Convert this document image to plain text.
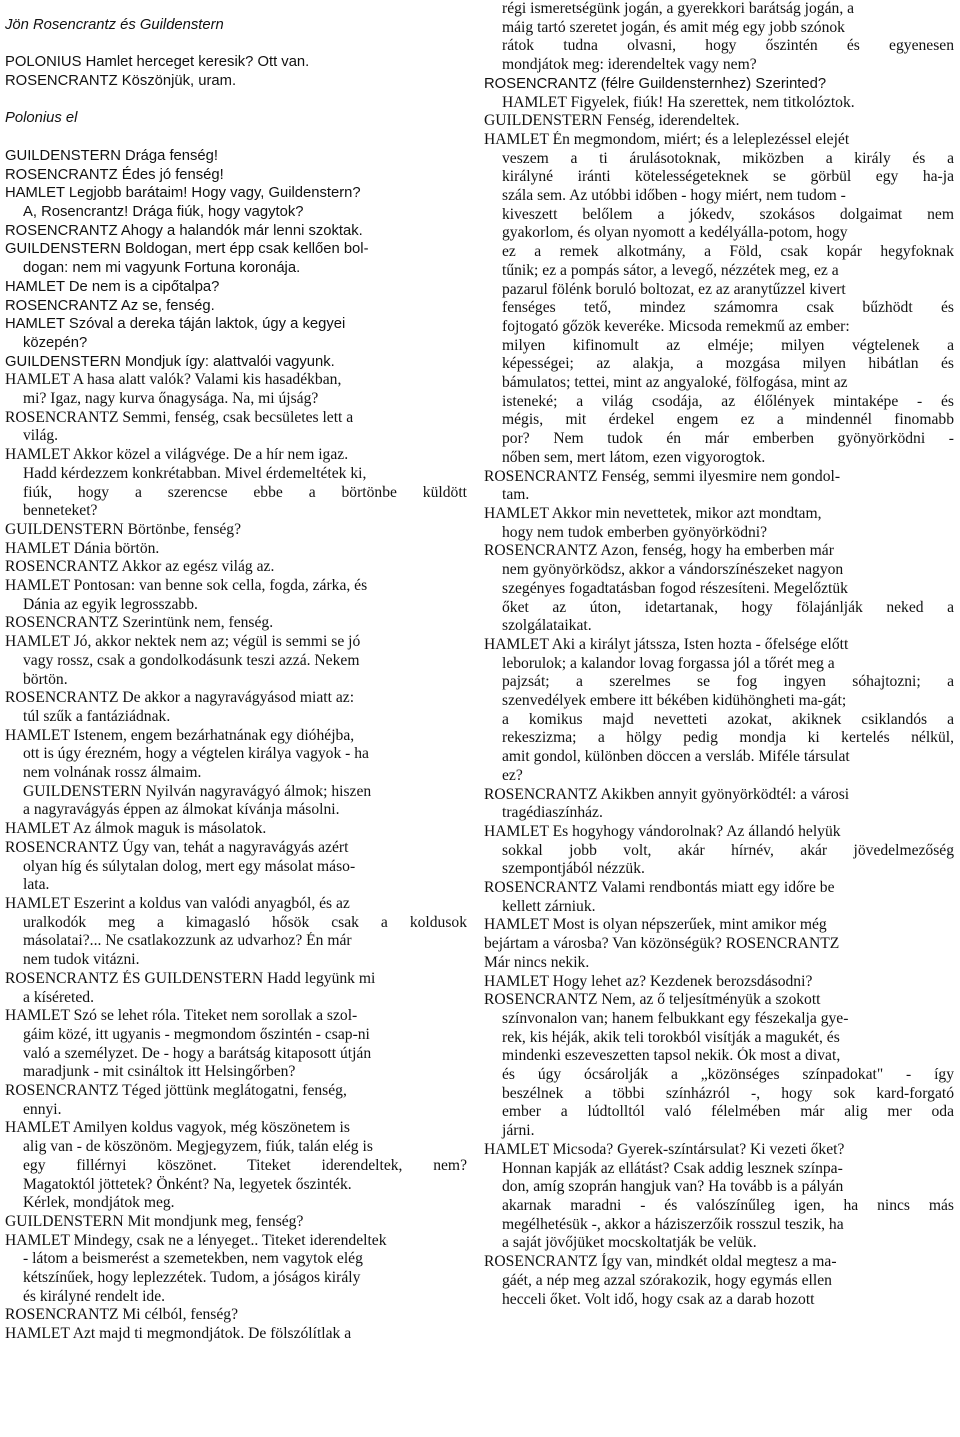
Jön Rosencrantz és Guildenstern
POLONIUS Hamlet herceget keresik? Ott van.
ROSENCRANTZ Köszönjük, uram.
Polonius el
GUILDENSTERN Drága fenség!
ROSENCRANTZ Édes jó fenség!
HAMLET Legjobb barátaim! Hogy vagy, Guildenstern?
A, Rosencrantz! Drága fiúk, hogy vagytok?
ROSENCRANTZ Ahogy a halandók már lenni szoktak.
GUILDENSTERN Boldogan, mert épp csak kellően bol-
dogan: nem mi vagyunk Fortuna koronája.
HAMLET De nem is a cipőtalpa?
ROSENCRANTZ Az se, fenség.
HAMLET Szóval a dereka táján laktok, úgy a kegyei
közepén?
GUILDENSTERN Mondjuk így: alattvalói vagyunk.
HAMLET A hasa alatt valók? Valami kis hasadékban,
mi? Igaz, nagy kurva őnagysága. Na, mi újság?
ROSENCRANTZ Semmi, fenség, csak becsületes lett a
világ.
HAMLET Akkor közel a világvége. De a hír nem igaz.
Hadd kérdezzem konkrétabban. Mivel érdemeltétek ki,
fiúk, hogy a szerencse ebbe a börtönbe küldött
benneteket?
GUILDENSTERN Börtönbe, fenség?
HAMLET Dánia börtön.
ROSENCRANTZ Akkor az egész világ az.
HAMLET Pontosan: van benne sok cella, fogda, zárka, és
Dánia az egyik legrosszabb.
ROSENCRANTZ Szerintünk nem, fenség.
HAMLET Jó, akkor nektek nem az; végül is semmi se jó
vagy rossz, csak a gondolkodásunk teszi azzá. Nekem
börtön.
ROSENCRANTZ De akkor a nagyravágyásod miatt az:
túl szűk a fantáziádnak.
HAMLET Istenem, engem bezárhatnának egy dióhéjba,
ott is úgy érezném, hogy a végtelen királya vagyok - ha
nem volnának rossz álmaim.
GUILDENSTERN Nyilván nagyravágyó álmok; hiszen
a nagyravágyás éppen az álmokat kívánja másolni.
HAMLET Az álmok maguk is másolatok.
ROSENCRANTZ Úgy van, tehát a nagyravágyás azért
olyan híg és súlytalan dolog, mert egy másolat máso-
lata.
HAMLET Eszerint a koldus van valódi anyagból, és az
uralkodók meg a kimagasló hősök csak a koldusok
másolatai?... Ne csatlakozzunk az udvarhoz? Én már
nem tudok vitázni.
ROSENCRANTZ ÉS GUILDENSTERN Hadd legyünk mi
a kíséreted.
HAMLET Szó se lehet róla. Titeket nem sorollak a szol-
gáim közé, itt ugyanis - megmondom őszintén - csap-ni
való a személyzet. De - hogy a barátság kitaposott útján
maradjunk - mit csináltok itt Helsingőrben?
ROSENCRANTZ Téged jöttünk meglátogatni, fenség,
ennyi.
HAMLET Amilyen koldus vagyok, még köszönetem is
alig van - de köszönöm. Megjegyzem, fiúk, talán elég is
egy fillérnyi köszönet. Titeket iderendeltek, nem?
Magatoktól jöttetek? Önként? Na, legyetek őszinték.
Kérlek, mondjátok meg.
GUILDENSTERN Mit mondjunk meg, fenség?
HAMLET Mindegy, csak ne a lényeget.. Titeket iderendeltek
- látom a beismerést a szemetekben, nem vagytok elég
kétszínűek, hogy leplezzétek. Tudom, a jóságos király
és királyné rendelt ide.
ROSENCRANTZ Mi célból, fenség?
HAMLET Azt majd ti megmondjátok. De fölszólítlak a
régi ismeretségünk jogán, a gyerekkori barátság jogán, a
máig tartó szeretet jogán, és amit még egy jobb szónok
rátok tudna olvasni, hogy őszintén és egyenesen
mondjátok meg: iderendeltek vagy nem?
ROSENCRANTZ (félre Guildensternhez) Szerinted?
HAMLET Figyelek, fiúk! Ha szerettek, nem titkolóztok.
GUILDENSTERN Fenség, iderendeltek.
HAMLET Én megmondom, miért; és a leleplezéssel elejét
veszem a ti árulásotoknak, miközben a király és a
királyné iránti kötelességeteknek se görbül egy ha-ja
szála sem. Az utóbbi időben - hogy miért, nem tudom -
kiveszett belőlem a jókedv, szokásos dolgaimat nem
gyakorlom, és olyan nyomott a kedélyálla-potom, hogy
ez a remek alkotmány, a Föld, csak kopár hegyfoknak
tűnik; ez a pompás sátor, a levegő, nézzétek meg, ez a
pazarul fölénk boruló boltozat, ez az aranytűzzel kivert
fenséges tető, mindez számomra csak bűzhödt és
fojtogató gőzök keveréke. Micsoda remekmű az ember:
milyen kifinomult az elméje; milyen végtelenek a
képességei; az alakja, a mozgása milyen hibátlan és
bámulatos; tettei, mint az angyaloké, fölfogása, mint az
isteneké; a világ csodája, az élőlények mintaképe - és
mégis, mit érdekel engem ez a mindennél finomabb
por? Nem tudok én már emberben gyönyörködni -
nőben sem, mert látom, ezen vigyorogtok.
ROSENCRANTZ Fenség, semmi ilyesmire nem gondol-
tam.
HAMLET Akkor min nevettetek, mikor azt mondtam,
hogy nem tudok emberben gyönyörködni?
ROSENCRANTZ Azon, fenség, hogy ha emberben már
nem gyönyörködsz, akkor a vándorszínészeket nagyon
szegényes fogadtatásban fogod részesíteni. Megelőztük
őket az úton, idetartanak, hogy fölajánlják neked a
szolgálataikat.
HAMLET Aki a királyt játssza, Isten hozta - őfelsége előtt
leborulok; a kalandor lovag forgassa jól a tőrét meg a
pajzsát; a szerelmes se fog ingyen sóhajtozni; a
szenvedélyek embere itt békében kidühöngheti ma-gát;
a komikus majd nevetteti azokat, akiknek csiklandós a
rekeszizma; a hölgy pedig mondja ki kertelés nélkül,
amit gondol, különben döccen a versláb. Miféle társulat
ez?
ROSENCRANTZ Akikben annyit gyönyörködtél: a városi
tragédiaszínház.
HAMLET Es hogyhogy vándorolnak? Az állandó helyük
sokkal jobb volt, akár hírnév, akár jövedelmezőség
szempontjából nézzük.
ROSENCRANTZ Valami rendbontás miatt egy időre be
kellett zárniuk.
HAMLET Most is olyan népszerűek, mint amikor még
bejártam a városba? Van közönségük? ROSENCRANTZ
Már nincs nekik.
HAMLET Hogy lehet az? Kezdenek berozsdásodni?
ROSENCRANTZ Nem, az ő teljesítményük a szokott
színvonalon van; hanem felbukkant egy fészekalja gye-
rek, kis héják, akik teli torokból visítják a magukét, és
mindenki eszeveszetten tapsol nekik. Ók most a divat,
és úgy ócsárolják a „közönséges színpadokat" - így
beszélnek a többi színházról -, hogy sok kard-forgató
ember a lúdtolltól való félelmében már alig mer oda
járni.
HAMLET Micsoda? Gyerek-színtársulat? Ki vezeti őket?
Honnan kapják az ellátást? Csak addig lesznek színpa-
don, amíg szoprán hangjuk van? Ha tovább is a pályán
akarnak maradni - és valószínűleg igen, ha nincs más
megélhetésük -, akkor a háziszerzőik rosszul teszik, ha
a saját jövőjüket mocskoltatják be velük.
ROSENCRANTZ Így van, mindkét oldal megtesz a ma-
gáét, a nép meg azzal szórakozik, hogy egymás ellen
hecceli őket. Volt idő, hogy csak az a darab hozott
